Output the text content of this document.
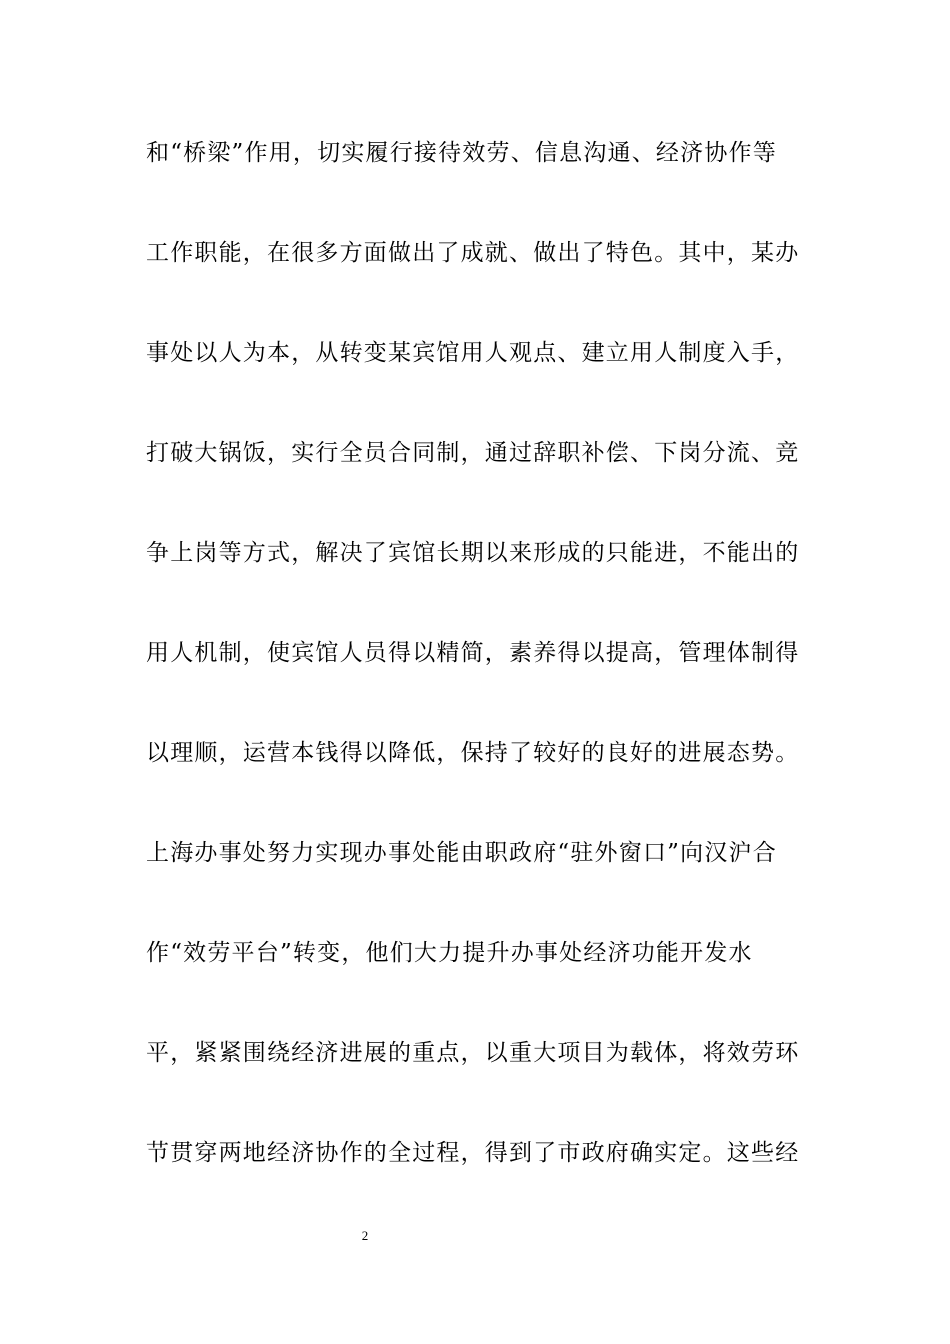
和“桥梁”作用，切实履行接待效劳、信息沟通、经济协作等
工作职能，在很多方面做出了成就、做出了特色。其中，某办
事处以人为本，从转变某宾馆用人观点、建立用人制度入手，
打破大锅饭，实行全员合同制，通过辞职补偿、下岗分流、竞
争上岗等方式，解决了宾馆长期以来形成的只能进，不能出的
用人机制，使宾馆人员得以精简，素养得以提高，管理体制得
以理顺，运营本钱得以降低，保持了较好的良好的进展态势。
上海办事处努力实现办事处能由职政府“驻外窗口”向汉沪合
作“效劳平台”转变，他们大力提升办事处经济功能开发水
平，紧紧围绕经济进展的重点，以重大项目为载体，将效劳环
节贯穿两地经济协作的全过程，得到了市政府确实定。这些经
2
